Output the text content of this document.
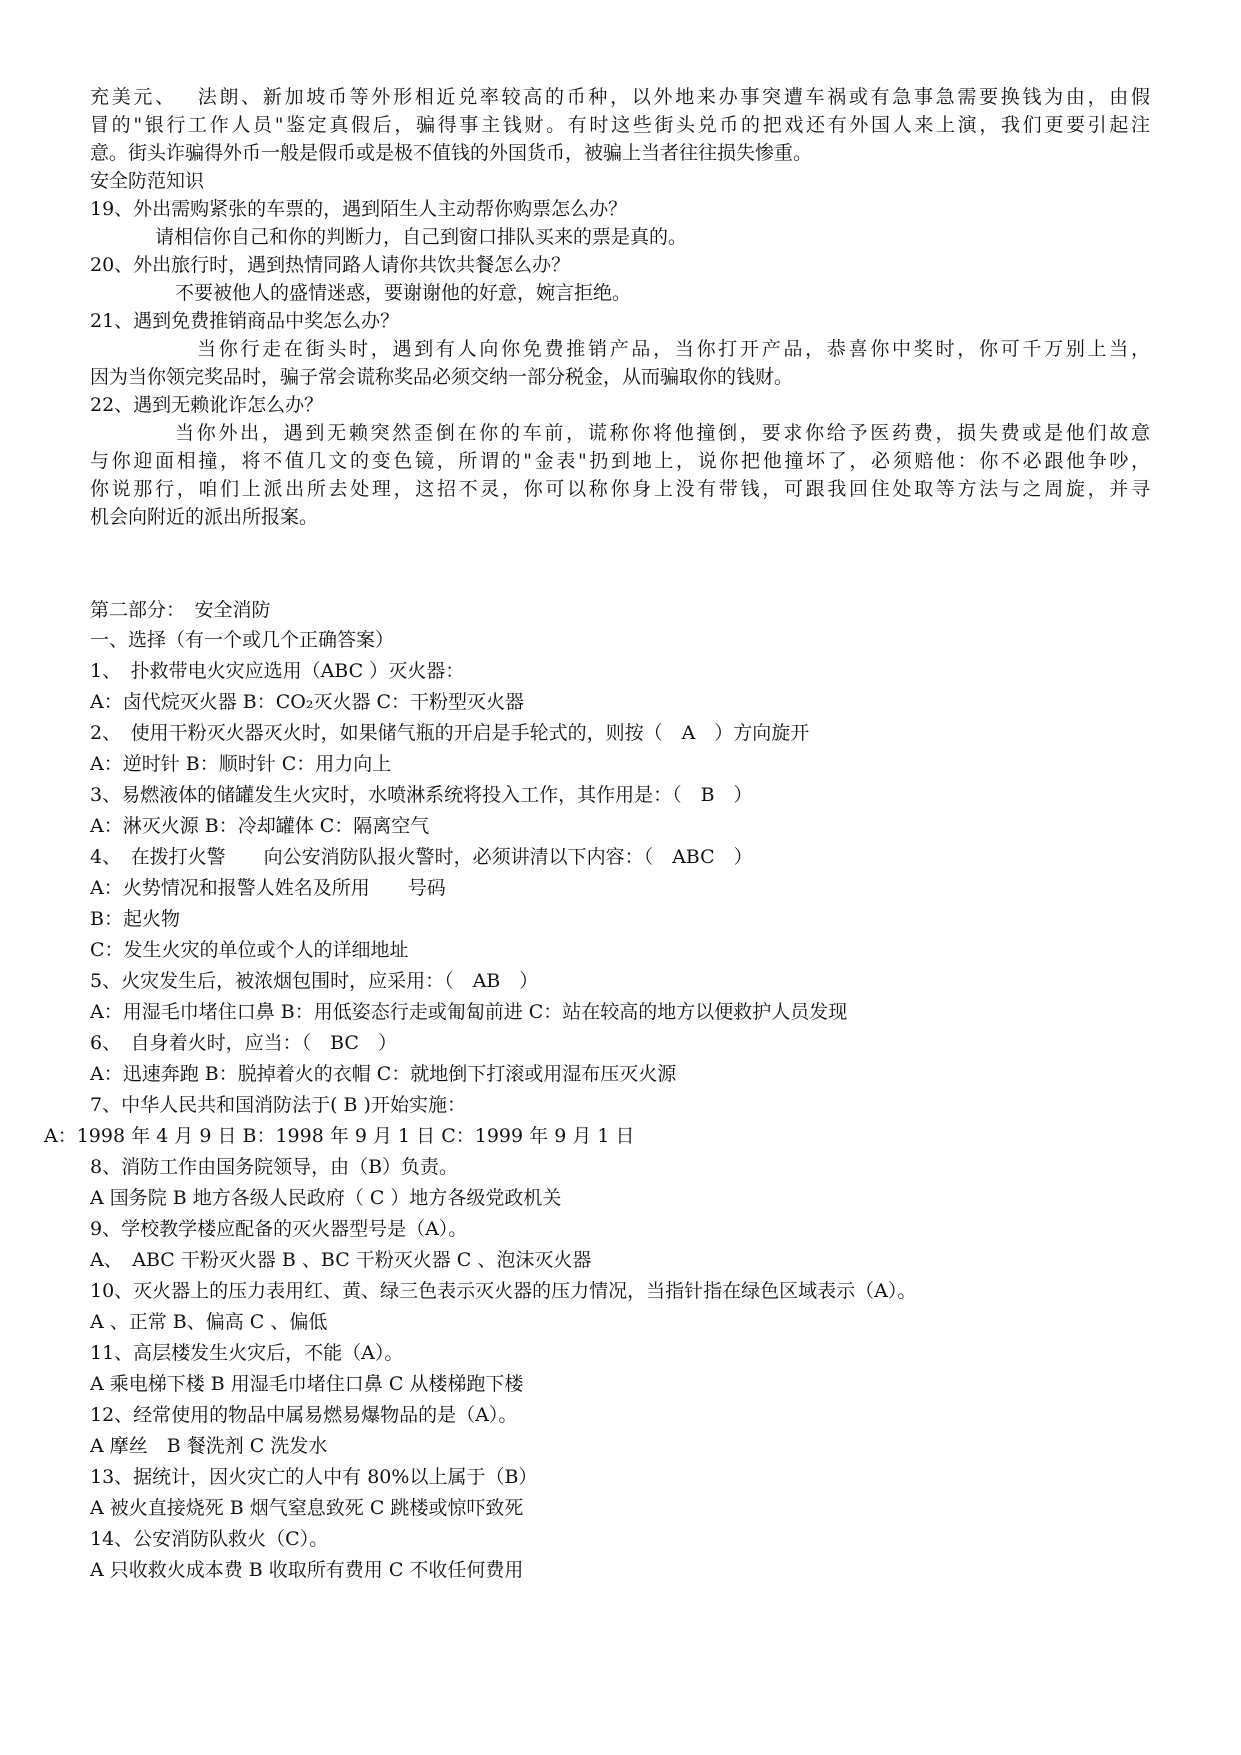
充美元、　 法朗、新加坡币等外形相近兑率较高的币种，以外地来办事突遭车祸或有急事急需要换钱为由，由假
冒的"银行工作人员"鉴定真假后，骗得事主钱财。有时这些街头兑币的把戏还有外国人来上演，我们更要引起注
意。街头诈骗得外币一般是假币或是极不值钱的外国货币，被骗上当者往往损失惨重。
安全防范知识
19、外出需购紧张的车票的，遇到陌生人主动帮你购票怎么办？
请相信你自己和你的判断力，自己到窗口排队买来的票是真的。
20、外出旅行时，遇到热情同路人请你共饮共餐怎么办？
不要被他人的盛情迷惑，要谢谢他的好意，婉言拒绝。
21、遇到免费推销商品中奖怎么办？
当你行走在街头时，遇到有人向你免费推销产品，当你打开产品，恭喜你中奖时，你可千万别上当，
因为当你领完奖品时，骗子常会谎称奖品必须交纳一部分税金，从而骗取你的钱财。
22、遇到无赖讹诈怎么办？
当你外出，遇到无赖突然歪倒在你的车前，谎称你将他撞倒，要求你给予医药费，损失费或是他们故意
与你迎面相撞，将不值几文的变色镜，所谓的"金表"扔到地上，说你把他撞坏了，必须赔他：你不必跟他争吵，
你说那行，咱们上派出所去处理，这招不灵，你可以称你身上没有带钱，可跟我回住处取等方法与之周旋，并寻
机会向附近的派出所报案。
第二部分：　安全消防
一、选择（有一个或几个正确答案）
1、　扑救带电火灾应选用（ABC ）灭火器：
A：卤代烷灭火器 B：CO₂灭火器 C：干粉型灭火器
2、　使用干粉灭火器灭火时，如果储气瓶的开启是手轮式的，则按（　A　）方向旋开
A：逆时针 B：顺时针 C：用力向上
3、易燃液体的储罐发生火灾时，水喷淋系统将投入工作，其作用是：（　B　）
A：淋灭火源 B：冷却罐体 C：隔离空气
4、　在拨打火警　　向公安消防队报火警时，必须讲清以下内容：（　ABC　）
A：火势情况和报警人姓名及所用　　号码
B：起火物
C：发生火灾的单位或个人的详细地址
5、火灾发生后，被浓烟包围时，应采用：（　AB　）
A：用湿毛巾堵住口鼻 B：用低姿态行走或匍匐前进 C：站在较高的地方以便救护人员发现
6、　自身着火时，应当：（　BC　）
A：迅速奔跑 B：脱掉着火的衣帽 C：就地倒下打滚或用湿布压灭火源
7、中华人民共和国消防法于( B )开始实施：
A：1998 年 4 月 9 日 B：1998 年 9 月 1 日 C：1999 年 9 月 1 日
8、消防工作由国务院领导，由（B）负责。
A 国务院 B 地方各级人民政府（ C ）地方各级党政机关
9、学校教学楼应配备的灭火器型号是（A）。
A、　ABC 干粉灭火器 B 、BC 干粉灭火器 C 、泡沫灭火器
10、灭火器上的压力表用红、黄、绿三色表示灭火器的压力情况，当指针指在绿色区域表示（A）。
A 、正常 B、偏高 C 、偏低
11、高层楼发生火灾后，不能（A）。
A 乘电梯下楼 B 用湿毛巾堵住口鼻 C 从楼梯跑下楼
12、经常使用的物品中属易燃易爆物品的是（A）。
A 摩丝　B 餐洗剂 C 洗发水
13、据统计，因火灾亡的人中有 80%以上属于（B）
A 被火直接烧死 B 烟气窒息致死 C 跳楼或惊吓致死
14、公安消防队救火（C）。
A 只收救火成本费 B 收取所有费用 C 不收任何费用
